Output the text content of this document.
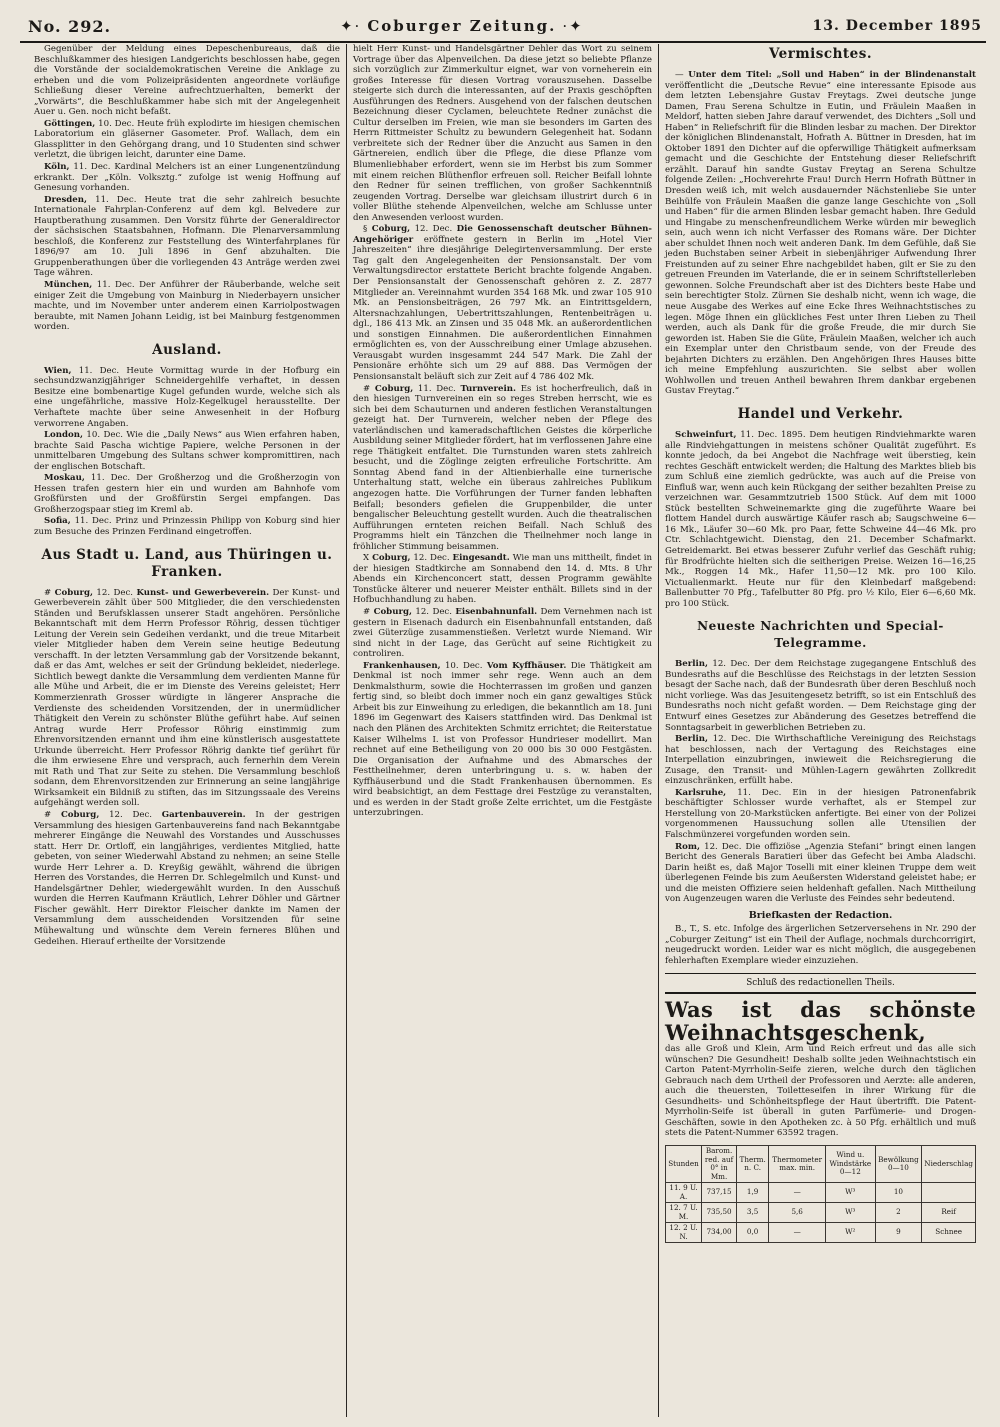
No. 292.	✦· Coburger Zeitung. ·✦	13. December 1895

Gegenüber der Meldung eines Depeschenbureaus, daß die Beschlußkammer des hiesigen Landgerichts beschlossen habe, gegen die Vorstände der socialdemokratischen Vereine die Anklage zu erheben und die vom Polizeipräsidenten angeordnete vorläufige Schließung dieser Vereine aufrechtzuerhalten, bemerkt der „Vorwärts“, die Beschlußkammer habe sich mit der Angelegenheit Auer u. Gen. noch nicht befaßt.

Göttingen, 10. Dec. Heute früh explodirte im hiesigen chemischen Laboratorium ein gläserner Gasometer. Prof. Wallach, dem ein Glassplitter in den Gehörgang drang, und 10 Studenten sind schwer verletzt, die übrigen leicht, darunter eine Dame.

Köln, 11. Dec. Kardinal Melchers ist an einer Lungenentzündung erkrankt. Der „Köln. Volksztg.“ zufolge ist wenig Hoffnung auf Genesung vorhanden.

Dresden, 11. Dec. Heute trat die sehr zahlreich besuchte Internationale Fahrplan-Conferenz auf dem kgl. Belvedere zur Hauptberathung zusammen. Den Vorsitz führte der Generaldirector der sächsischen Staatsbahnen, Hofmann. Die Plenarversammlung beschloß, die Konferenz zur Feststellung des Winterfahrplanes für 1896/97 am 10. Juli 1896 in Genf abzuhalten. Die Gruppenberathungen über die vorliegenden 43 Anträge werden zwei Tage währen.

München, 11. Dec. Der Anführer der Räuberbande, welche seit einiger Zeit die Umgebung von Mainburg in Niederbayern unsicher machte, und im November unter anderem einen Karriolpostwagen beraubte, mit Namen Johann Leidig, ist bei Mainburg festgenommen worden.

Ausland.

Wien, 11. Dec. Heute Vormittag wurde in der Hofburg ein sechsundzwanzigjähriger Schneidergehilfe verhaftet, in dessen Besitze eine bombenartige Kugel gefunden wurde, welche sich als eine ungefährliche, massive Holz-Kegelkugel herausstellte. Der Verhaftete machte über seine Anwesenheit in der Hofburg verworrene Angaben.

London, 10. Dec. Wie die „Daily News“ aus Wien erfahren haben, brachte Said Pascha wichtige Papiere, welche Personen in der unmittelbaren Umgebung des Sultans schwer kompromittiren, nach der englischen Botschaft.

Moskau, 11. Dec. Der Großherzog und die Großherzogin von Hessen trafen gestern hier ein und wurden am Bahnhofe vom Großfürsten und der Großfürstin Sergei empfangen. Das Großherzogspaar stieg im Kreml ab.

Sofia, 11. Dec. Prinz und Prinzessin Philipp von Koburg sind hier zum Besuche des Prinzen Ferdinand eingetroffen.

Aus Stadt u. Land, aus Thüringen u. Franken.

# Coburg, 12. Dec. Kunst- und Gewerbeverein. Der Kunst- und Gewerbeverein zählt über 500 Mitglieder, die den verschiedensten Ständen und Berufsklassen unserer Stadt angehören. Persönliche Bekanntschaft mit dem Herrn Professor Röhrig, dessen tüchtiger Leitung der Verein sein Gedeihen verdankt, und die treue Mitarbeit vieler Mitglieder haben dem Verein seine heutige Bedeutung verschafft. In der letzten Versammlung gab der Vorsitzende bekannt, daß er das Amt, welches er seit der Gründung bekleidet, niederlege. Sichtlich bewegt dankte die Versammlung dem verdienten Manne für alle Mühe und Arbeit, die er im Dienste des Vereins geleistet; Herr Kommerzienrath Grosser würdigte in längerer Ansprache die Verdienste des scheidenden Vorsitzenden, der in unermüdlicher Thätigkeit den Verein zu schönster Blüthe geführt habe. Auf seinen Antrag wurde Herr Professor Röhrig einstimmig zum Ehrenvorsitzenden ernannt und ihm eine künstlerisch ausgestattete Urkunde überreicht. Herr Professor Röhrig dankte tief gerührt für die ihm erwiesene Ehre und versprach, auch fernerhin dem Verein mit Rath und That zur Seite zu stehen. Die Versammlung beschloß sodann, dem Ehrenvorsitzenden zur Erinnerung an seine langjährige Wirksamkeit ein Bildniß zu stiften, das im Sitzungssaale des Vereins aufgehängt werden soll.

# Coburg, 12. Dec. Gartenbauverein. In der gestrigen Versammlung des hiesigen Gartenbauvereins fand nach Bekanntgabe mehrerer Eingänge die Neuwahl des Vorstandes und Ausschusses statt. Herr Dr. Ortloff, ein langjähriges, verdientes Mitglied, hatte gebeten, von seiner Wiederwahl Abstand zu nehmen; an seine Stelle wurde Herr Lehrer a. D. Kreyßig gewählt, während die übrigen Herren des Vorstandes, die Herren Dr. Schlegelmilch und Kunst- und Handelsgärtner Dehler, wiedergewählt wurden. In den Ausschuß wurden die Herren Kaufmann Kräutlich, Lehrer Döhler und Gärtner Fischer gewählt. Herr Direktor Fleischer dankte im Namen der Versammlung dem ausscheidenden Vorsitzenden für seine Mühewaltung und wünschte dem Verein ferneres Blühen und Gedeihen. Hierauf ertheilte der Vorsitzende

hielt Herr Kunst- und Handelsgärtner Dehler das Wort zu seinem Vortrage über das Alpenveilchen. Da diese jetzt so beliebte Pflanze sich vorzüglich zur Zimmerkultur eignet, war von vorneherein ein großes Interesse für diesen Vortrag vorauszusehen. Dasselbe steigerte sich durch die interessanten, auf der Praxis geschöpften Ausführungen des Redners. Ausgehend von der falschen deutschen Bezeichnung dieser Cyclamen, beleuchtete Redner zunächst die Cultur derselben im Freien, wie man sie besonders im Garten des Herrn Rittmeister Schultz zu bewundern Gelegenheit hat. Sodann verbreitete sich der Redner über die Anzucht aus Samen in den Gärtnereien, endlich über die Pflege, die diese Pflanze vom Blumenliebhaber erfordert, wenn sie im Herbst bis zum Sommer mit einem reichen Blüthenflor erfreuen soll. Reicher Beifall lohnte den Redner für seinen trefflichen, von großer Sachkenntniß zeugenden Vortrag. Derselbe war gleichsam illustrirt durch 6 in voller Blüthe stehende Alpenveilchen, welche am Schlusse unter den Anwesenden verloost wurden.

§ Coburg, 12. Dec. Die Genossenschaft deutscher Bühnen-Angehöriger eröffnete gestern in Berlin im „Hotel Vier Jahreszeiten“ ihre diesjährige Delegirtenversammlung. Der erste Tag galt den Angelegenheiten der Pensionsanstalt. Der vom Verwaltungsdirector erstattete Bericht brachte folgende Angaben. Der Pensionsanstalt der Genossenschaft gehören z. Z. 2877 Mitglieder an. Vereinnahmt wurden 354 168 Mk. und zwar 105 910 Mk. an Pensionsbeiträgen, 26 797 Mk. an Eintrittsgeldern, Altersnachzahlungen, Uebertrittszahlungen, Rentenbeiträgen u. dgl., 186 413 Mk. an Zinsen und 35 048 Mk. an außerordentlichen und sonstigen Einnahmen. Die außerordentlichen Einnahmen ermöglichten es, von der Ausschreibung einer Umlage abzusehen. Verausgabt wurden insgesammt 244 547 Mark. Die Zahl der Pensionäre erhöhte sich um 29 auf 888. Das Vermögen der Pensionsanstalt beläuft sich zur Zeit auf 4 786 402 Mk.

# Coburg, 11. Dec. Turnverein. Es ist hocherfreulich, daß in den hiesigen Turnvereinen ein so reges Streben herrscht, wie es sich bei dem Schauturnen und anderen festlichen Veranstaltungen gezeigt hat. Der Turnverein, welcher neben der Pflege des vaterländischen und kameradschaftlichen Geistes die körperliche Ausbildung seiner Mitglieder fördert, hat im verflossenen Jahre eine rege Thätigkeit entfaltet. Die Turnstunden waren stets zahlreich besucht, und die Zöglinge zeigten erfreuliche Fortschritte. Am Sonntag Abend fand in der Altienbierhalle eine turnerische Unterhaltung statt, welche ein überaus zahlreiches Publikum angezogen hatte. Die Vorführungen der Turner fanden lebhaften Beifall; besonders gefielen die Gruppenbilder, die unter bengalischer Beleuchtung gestellt wurden. Auch die theatralischen Aufführungen ernteten reichen Beifall. Nach Schluß des Programms hielt ein Tänzchen die Theilnehmer noch lange in fröhlicher Stimmung beisammen.

X Coburg, 12. Dec. Eingesandt. Wie man uns mittheilt, findet in der hiesigen Stadtkirche am Sonnabend den 14. d. Mts. 8 Uhr Abends ein Kirchenconcert statt, dessen Programm gewählte Tonstücke älterer und neuerer Meister enthält. Billets sind in der Hofbuchhandlung zu haben.

# Coburg, 12. Dec. Eisenbahnunfall. Dem Vernehmen nach ist gestern in Eisenach dadurch ein Eisenbahnunfall entstanden, daß zwei Güterzüge zusammenstießen. Verletzt wurde Niemand. Wir sind nicht in der Lage, das Gerücht auf seine Richtigkeit zu controliren.

Frankenhausen, 10. Dec. Vom Kyffhäuser. Die Thätigkeit am Denkmal ist noch immer sehr rege. Wenn auch an dem Denkmalsthurm, sowie die Hochterrassen im großen und ganzen fertig sind, so bleibt doch immer noch ein ganz gewaltiges Stück Arbeit bis zur Einweihung zu erledigen, die bekanntlich am 18. Juni 1896 im Gegenwart des Kaisers stattfinden wird. Das Denkmal ist nach den Plänen des Architekten Schmitz errichtet; die Reiterstatue Kaiser Wilhelms I. ist von Professor Hundrieser modellirt. Man rechnet auf eine Betheiligung von 20 000 bis 30 000 Festgästen. Die Organisation der Aufnahme und des Abmarsches der Festtheilnehmer, deren unterbringung u. s. w. haben der Kyffhäuserbund und die Stadt Frankenhausen übernommen. Es wird beabsichtigt, an dem Festtage drei Festzüge zu veranstalten, und es werden in der Stadt große Zelte errichtet, um die Festgäste unterzubringen.

Vermischtes.

— Unter dem Titel: „Soll und Haben“ in der Blindenanstalt veröffentlicht die „Deutsche Revue“ eine interessante Episode aus dem letzten Lebensjahre Gustav Freytags. Zwei deutsche junge Damen, Frau Serena Schultze in Eutin, und Fräulein Maaßen in Meldorf, hatten sieben Jahre darauf verwendet, des Dichters „Soll und Haben“ in Reliefschrift für die Blinden lesbar zu machen. Der Direktor der königlichen Blindenanstalt, Hofrath A. Büttner in Dresden, hat im Oktober 1891 den Dichter auf die opferwillige Thätigkeit aufmerksam gemacht und die Geschichte der Entstehung dieser Reliefschrift erzählt. Darauf hin sandte Gustav Freytag an Serena Schultze folgende Zeilen: „Hochverehrte Frau! Durch Herrn Hofrath Büttner in Dresden weiß ich, mit welch ausdauernder Nächstenliebe Sie unter Beihülfe von Fräulein Maaßen die ganze lange Geschichte von „Soll und Haben“ für die armen Blinden lesbar gemacht haben. Ihre Geduld und Hingabe zu menschenfreundlichem Werke würden mir beweglich sein, auch wenn ich nicht Verfasser des Romans wäre. Der Dichter aber schuldet Ihnen noch weit anderen Dank. Im dem Gefühle, daß Sie jeden Buchstaben seiner Arbeit in siebenjähriger Aufwendung Ihrer Freistunden auf zu seiner Ehre nachgebildet haben, gilt er Sie zu den getreuen Freunden im Vaterlande, die er in seinem Schriftstellerleben gewonnen. Solche Freundschaft aber ist des Dichters beste Habe und sein berechtigter Stolz. Zürnen Sie deshalb nicht, wenn ich wage, die neue Ausgabe des Werkes auf eine Ecke Ihres Weihnachtstisches zu legen. Möge Ihnen ein glückliches Fest unter Ihren Lieben zu Theil werden, auch als Dank für die große Freude, die mir durch Sie geworden ist. Haben Sie die Güte, Fräulein Maaßen, welcher ich auch ein Exemplar unter den Christbaum sende, von der Freude des bejahrten Dichters zu erzählen. Den Angehörigen Ihres Hauses bitte ich meine Empfehlung auszurichten. Sie selbst aber wollen Wohlwollen und treuen Antheil bewahren Ihrem dankbar ergebenen Gustav Freytag.“

Handel und Verkehr.

Schweinfurt, 11. Dec. 1895. Dem heutigen Rindviehmarkte waren alle Rindviehgattungen in meistens schöner Qualität zugeführt. Es konnte jedoch, da bei Angebot die Nachfrage weit überstieg, kein rechtes Geschäft entwickelt werden; die Haltung des Marktes blieb bis zum Schluß eine ziemlich gedrückte, was auch auf die Preise von Einfluß war, wenn auch kein Rückgang der seither bezahlten Preise zu verzeichnen war. Gesammtzutrieb 1500 Stück. Auf dem mit 1000 Stück bestellten Schweinemarkte ging die zugeführte Waare bei flottem Handel durch auswärtige Käufer rasch ab; Saugschweine 6—16 Mk., Läufer 30—60 Mk. pro Paar, fette Schweine 44—46 Mk. pro Ctr. Schlachtgewicht. Dienstag, den 21. December Schafmarkt. Getreidemarkt. Bei etwas besserer Zufuhr verlief das Geschäft ruhig; für Brodfrüchte hielten sich die seitherigen Preise. Weizen 16—16,25 Mk., Roggen 14 Mk., Hafer 11,50—12 Mk. pro 100 Kilo. Victualienmarkt. Heute nur für den Kleinbedarf maßgebend: Ballenbutter 70 Pfg., Tafelbutter 80 Pfg. pro ½ Kilo, Eier 6—6,60 Mk. pro 100 Stück.

Neueste Nachrichten und Special-Telegramme.

Berlin, 12. Dec. Der dem Reichstage zugegangene Entschluß des Bundesraths auf die Beschlüsse des Reichstags in der letzten Session besagt der Sache nach, daß der Bundesrath über deren Beschluß noch nicht vorliege. Was das Jesuitengesetz betrifft, so ist ein Entschluß des Bundesraths noch nicht gefaßt worden. — Dem Reichstage ging der Entwurf eines Gesetzes zur Abänderung des Gesetzes betreffend die Sonntagsarbeit in gewerblichen Betrieben zu.

Berlin, 12. Dec. Die Wirthschaftliche Vereinigung des Reichstags hat beschlossen, nach der Vertagung des Reichstages eine Interpellation einzubringen, inwieweit die Reichsregierung die Zusage, den Transit- und Mühlen-Lagern gewährten Zollkredit einzuschränken, erfüllt habe.

Karlsruhe, 11. Dec. Ein in der hiesigen Patronenfabrik beschäftigter Schlosser wurde verhaftet, als er Stempel zur Herstellung von 20-Markstücken anfertigte. Bei einer von der Polizei vorgenommenen Haussuchung sollen alle Utensilien der Falschmünzerei vorgefunden worden sein.

Rom, 12. Dec. Die offiziöse „Agenzia Stefani“ bringt einen langen Bericht des Generals Baratieri über das Gefecht bei Amba Aladschi. Darin heißt es, daß Major Toselli mit einer kleinen Truppe dem weit überlegenen Feinde bis zum Aeußersten Widerstand geleistet habe; er und die meisten Offiziere seien heldenhaft gefallen. Nach Mittheilung von Augenzeugen waren die Verluste des Feindes sehr bedeutend.

Briefkasten der Redaction.

B., T., S. etc. Infolge des ärgerlichen Setzerversehens in Nr. 290 der „Coburger Zeitung“ ist ein Theil der Auflage, nochmals durchcorrigirt, neugedruckt worden. Leider war es nicht möglich, die ausgegebenen fehlerhaften Exemplare wieder einzuziehen.

Schluß des redactionellen Theils.
Was ist das schönste Weihnachtsgeschenk,

das alle Groß und Klein, Arm und Reich erfreut und das alle sich wünschen? Die Gesundheit! Deshalb sollte jeden Weihnachtstisch ein Carton Patent-Myrrholin-Seife zieren, welche durch den täglichen Gebrauch nach dem Urtheil der Professoren und Aerzte: alle anderen, auch die theuersten, Toiletteseifen in ihrer Wirkung für die Gesundheits- und Schönheitspflege der Haut übertrifft. Die Patent-Myrrholin-Seife ist überall in guten Parfümerie- und Drogen-Geschäften, sowie in den Apotheken zc. à 50 Pfg. erhältlich und muß stets die Patent-Nummer 63592 tragen.

Stunden	Barom. red. auf 0° in Mm.	Therm. n. C.	Thermometer max. min.	Wind u. Windstärke 0—12	Bewölkung 0—10	Niederschlag
11. 9 U. A.	737,15	1,9	—	W³	10	
12. 7 U. M.	735,50	3,5	5,6	W³	2	Reif
12. 2 U. N.	734,00	0,0	—	W²	9	Schnee
